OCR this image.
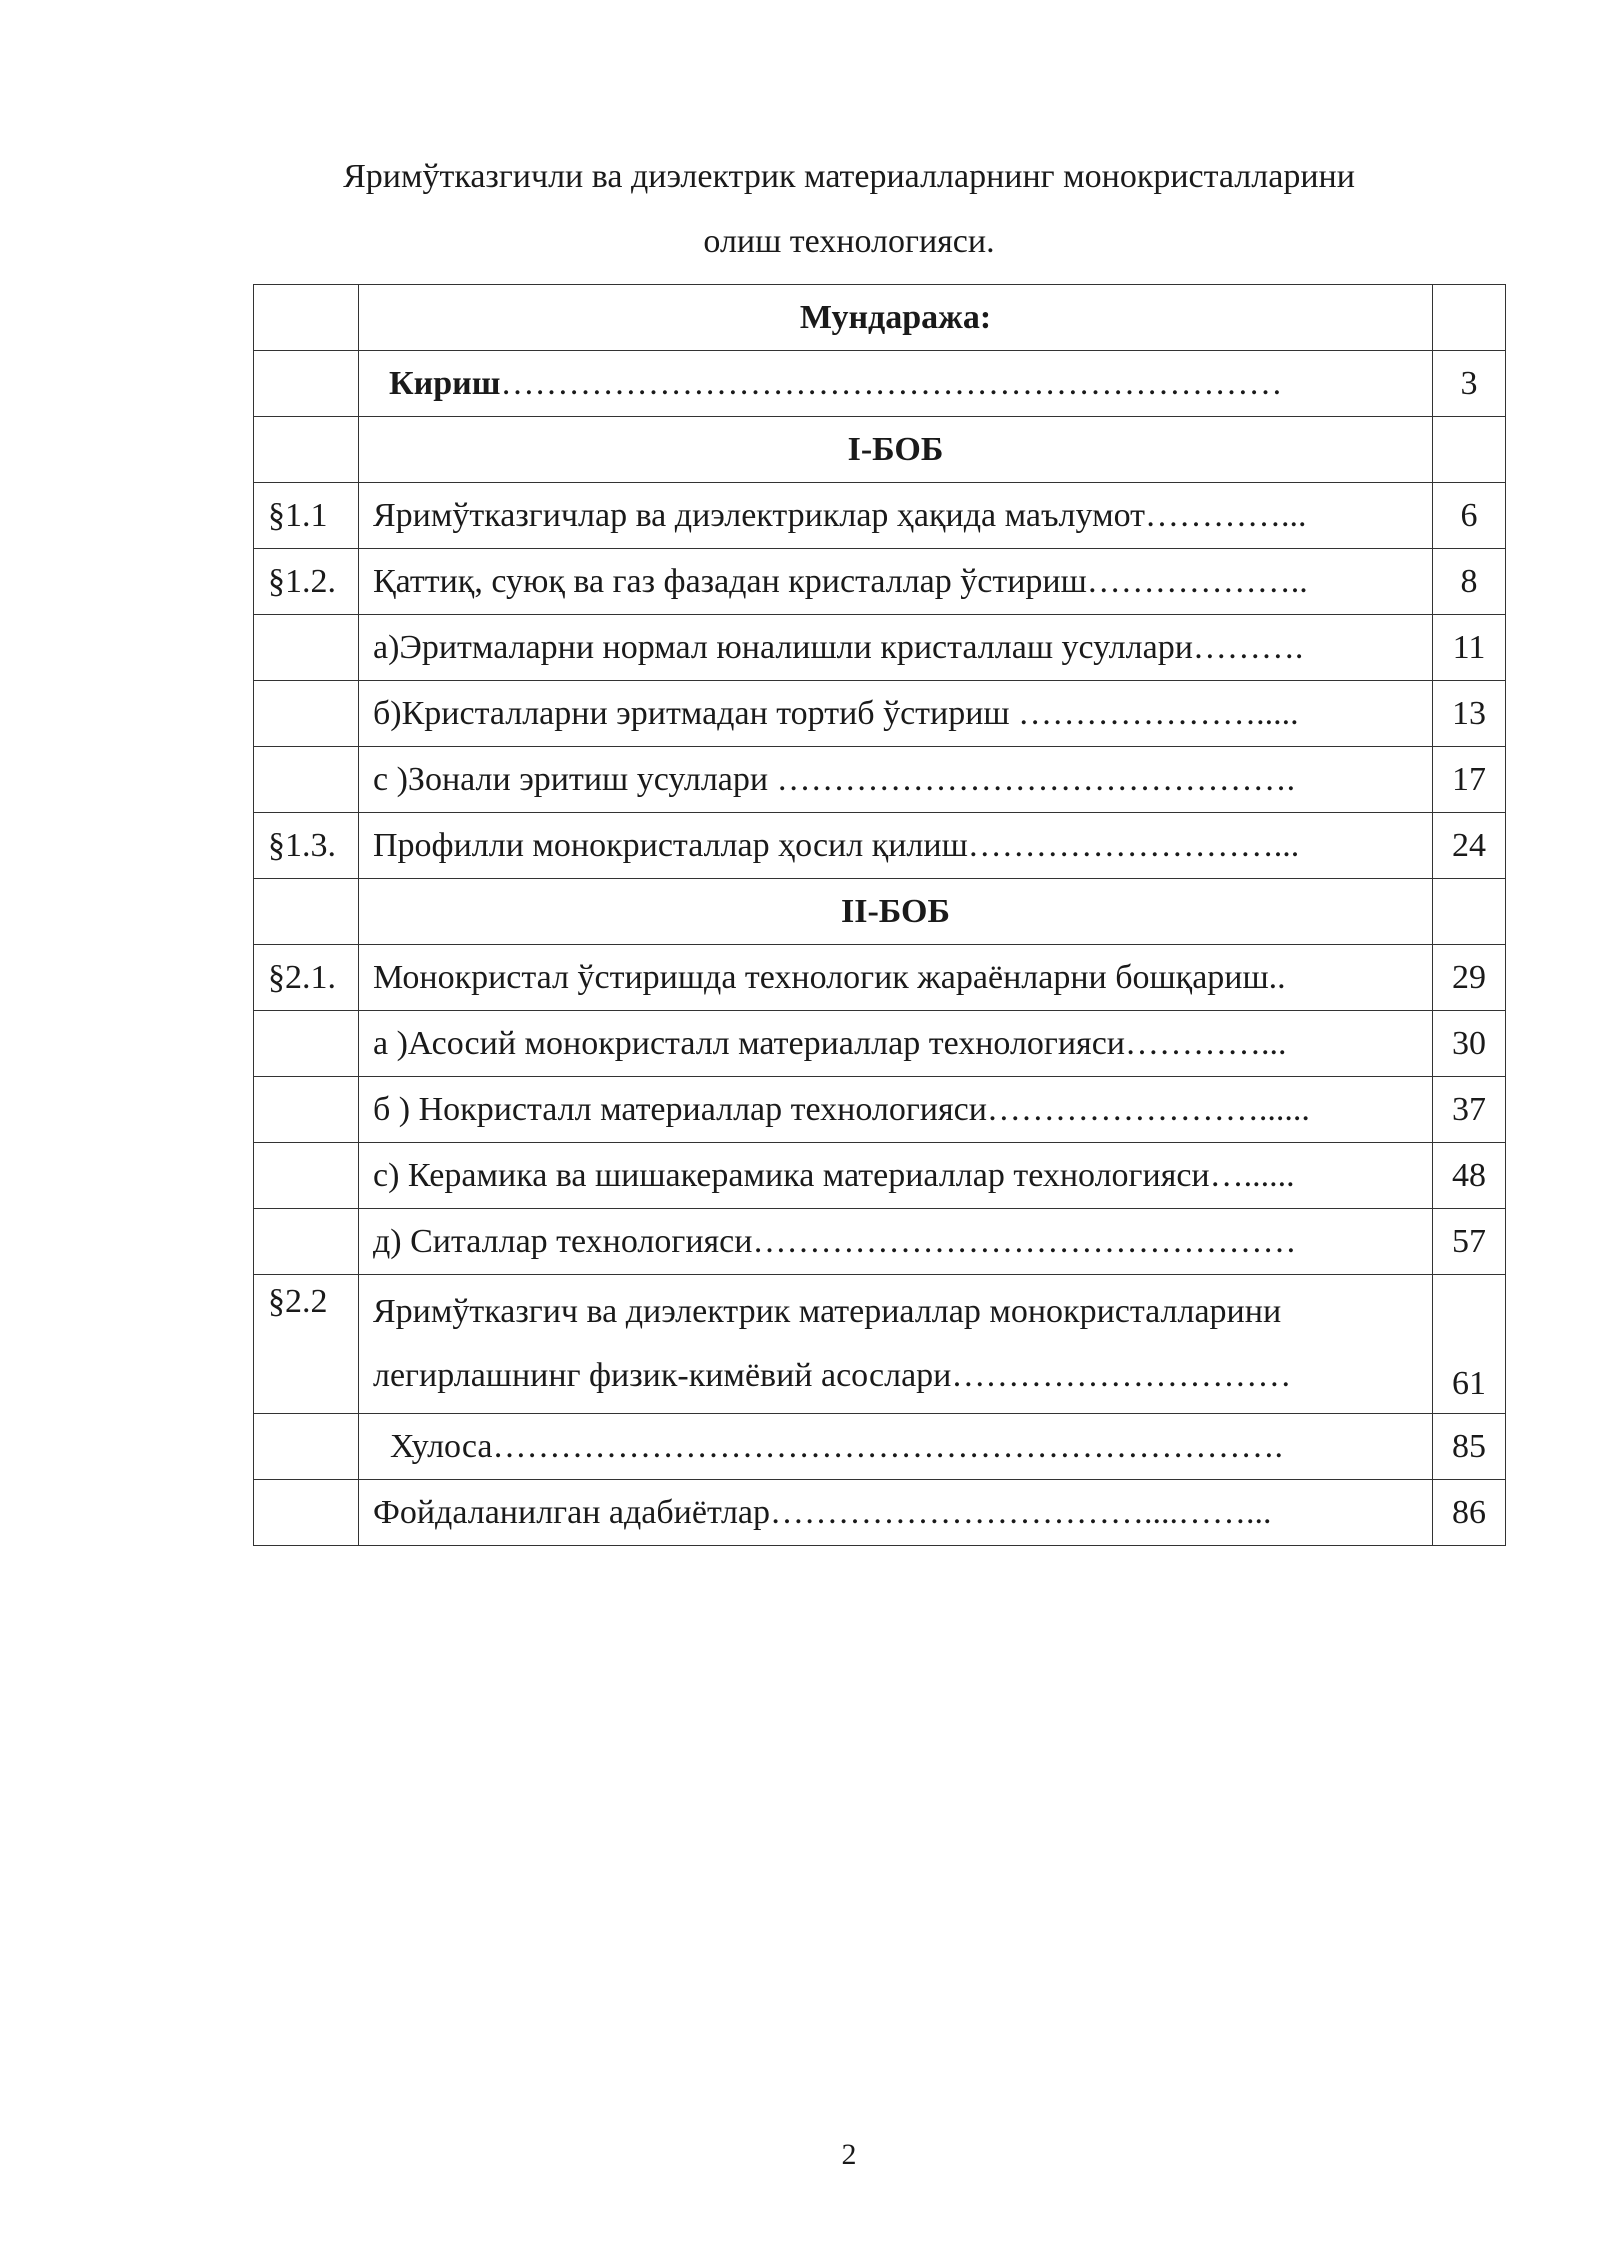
Яримўтказгичли ва диэлектрик материалларнинг монокристалларини
олиш технологияси.
	Мундаража:	
	Кириш……………………………………………………………	3
	I-БОБ	
§1.1	Яримўтказгичлар ва диэлектриклар ҳақида маълумот…………...	6
§1.2.	Қаттиқ, суюқ ва газ фазадан кристаллар ўстириш………………..	8
	а)Эритмаларни нормал юналишли кристаллаш усуллари……….	11
	б)Кристалларни эритмадан тортиб ўстириш ………………….....	13
	с )Зонали эритиш усуллари ……………………………………….	17
§1.3.	Профилли монокристаллар ҳосил қилиш………………………...	24
	II-БОБ	
§2.1.	Монокристал ўстиришда технологик жараёнларни бошқариш..	29
	а )Асосий монокристалл материаллар технологияси…………...	30
	б ) Нокристалл материаллар технологияси……………………......	37
	с) Керамика ва шишакерамика материаллар технологияси…......	48
	д) Ситаллар технологияси…………………………………………	57
§2.2	Яримўтказгич ва диэлектрик материаллар монокристалларини легирлашнинг физик-кимёвий асослари…………………………	61
	Хулоса…………………………………………………………….	85
	Фойдаланилган адабиётлар……………………………....……...	86
2
